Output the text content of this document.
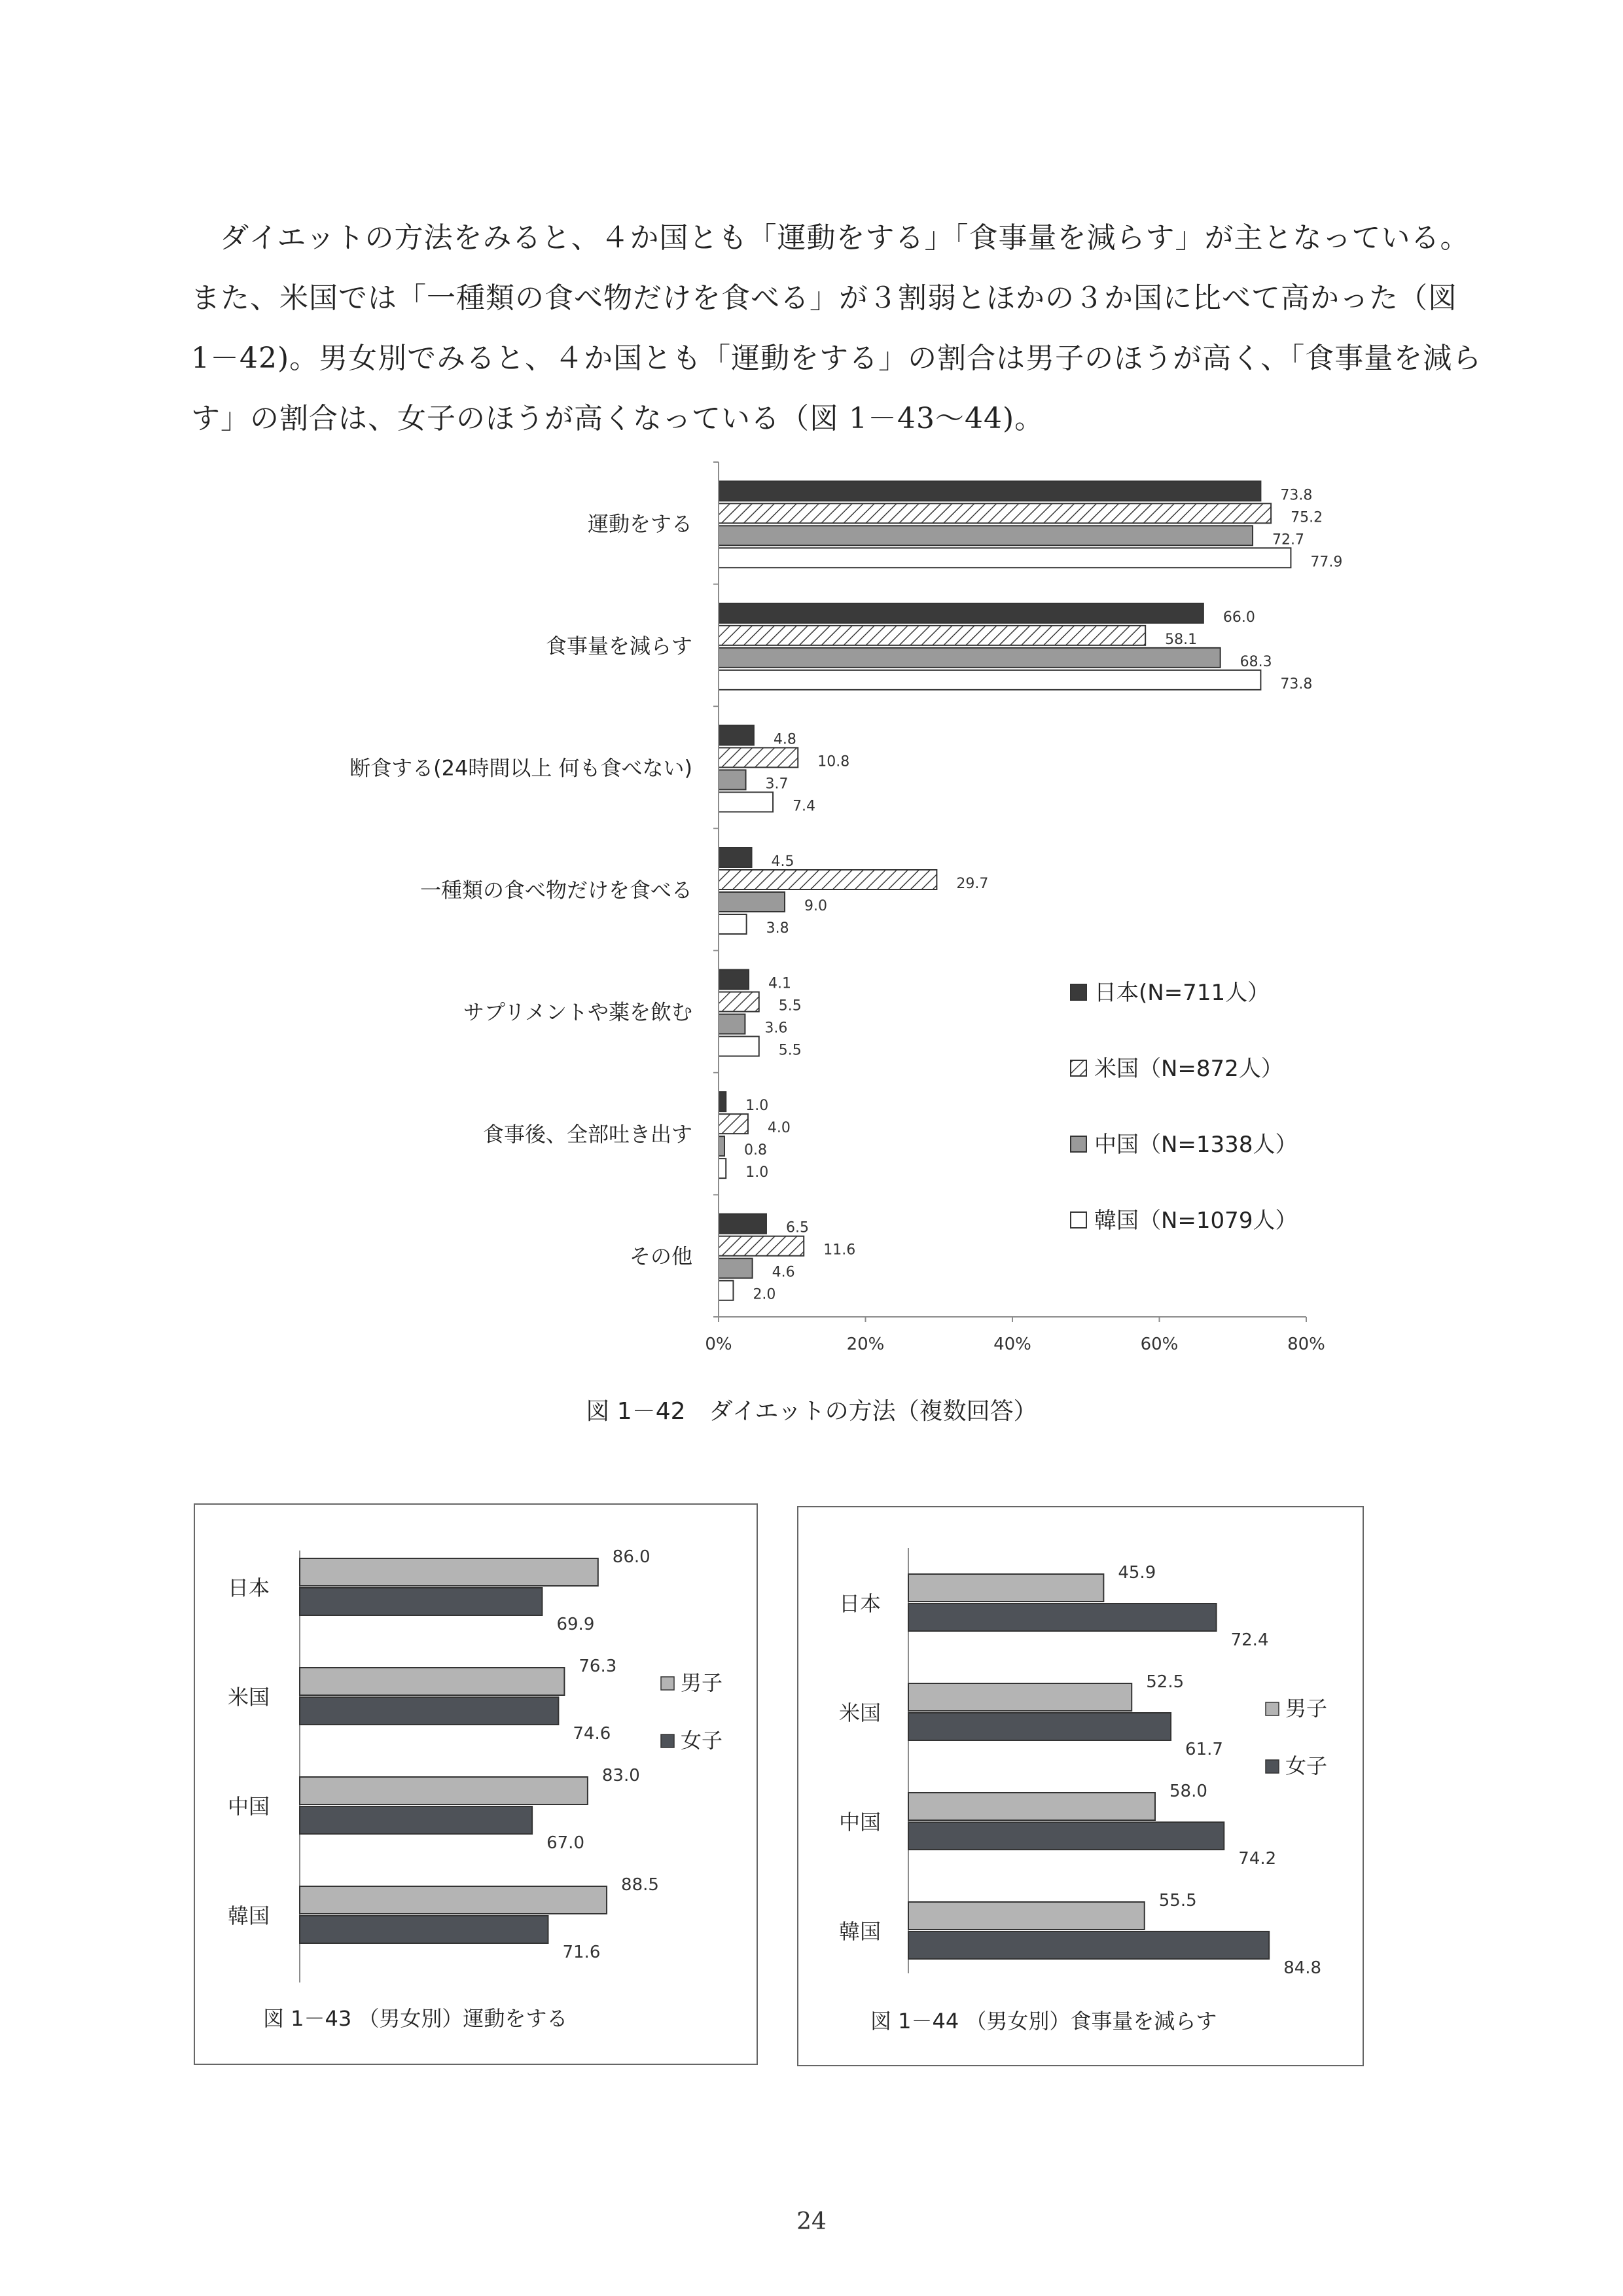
ダイエットの方法をみると、４か国とも「運動をする」「食事量を減らす」が主となっている。
また、米国では「一種類の食べ物だけを食べる」が３割弱とほかの３か国に比べて高かった（図
1－42)。男女別でみると、４か国とも「運動をする」の割合は男子のほうが高く、「食事量を減ら
す」の割合は、女子のほうが高くなっている（図 1－43～44)。
73.8
75.2
72.7
77.9
66.0
58.1
68.3
73.8
4.8
10.8
3.7
7.4
4.5
29.7
9.0
3.8
4.1
5.5
3.6
5.5
1.0
4.0
0.8
1.0
6.5
11.6
4.6
2.0
運動をする
食事量を減らす
断食する(24時間以上 何も食べない)
一種類の食べ物だけを食べる
サプリメントや薬を飲む
食事後、全部吐き出す
その他
0%	20%	40%	60%	80%
日本(N=711人）
米国（N=872人）
中国（N=1338人）
韓国（N=1079人）
図 1－42　ダイエットの方法（複数回答）
日本
86.0
69.9
米国
76.3
74.6
中国
83.0
67.0
韓国
88.5
71.6
男子
女子
図 1－43 （男女別）運動をする
日本
45.9
72.4
米国
52.5
61.7
中国
58.0
74.2
韓国
55.5
84.8
男子
女子
図 1－44 （男女別）食事量を減らす
24
